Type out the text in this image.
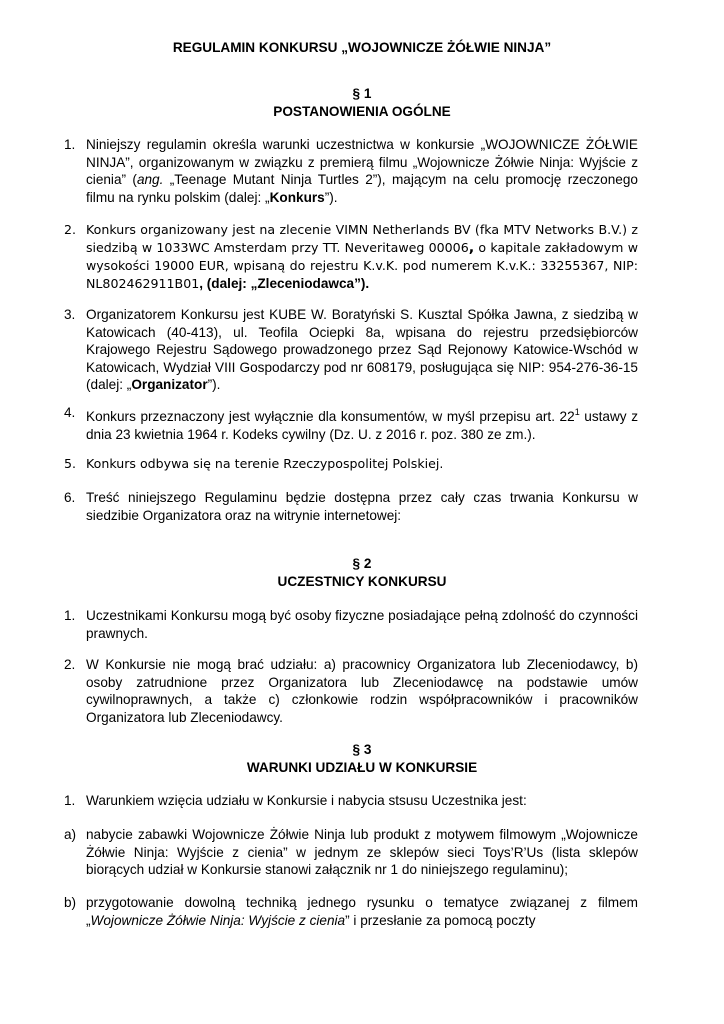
REGULAMIN KONKURSU „WOJOWNICZE ŻÓŁWIE NINJA”
§ 1
POSTANOWIENIA OGÓLNE
1. Niniejszy regulamin określa warunki uczestnictwa w konkursie „WOJOWNICZE ŻÓŁWIE NINJA”, organizowanym w związku z premierą filmu „Wojownicze Żółwie Ninja: Wyjście z cienia” (ang. „Teenage Mutant Ninja Turtles 2”), mającym na celu promocję rzeczonego filmu na rynku polskim (dalej: „Konkurs”).
2. Konkurs organizowany jest na zlecenie VIMN Netherlands BV (fka MTV Networks B.V.) z siedzibą w 1033WC Amsterdam przy TT. Neveritaweg 00006, o kapitale zakładowym w wysokości 19000 EUR, wpisaną do rejestru K.v.K. pod numerem K.v.K.: 33255367, NIP: NL802462911B01, (dalej: „Zleceniodawca”).
3. Organizatorem Konkursu jest KUBE W. Boratyński S. Kusztal Spółka Jawna, z siedzibą w Katowicach (40-413), ul. Teofila Ociepki 8a, wpisana do rejestru przedsiębiorców Krajowego Rejestru Sądowego prowadzonego przez Sąd Rejonowy Katowice-Wschód w Katowicach, Wydział VIII Gospodarczy pod nr 608179, posługująca się NIP: 954-276-36-15 (dalej: „Organizator”).
4. Konkurs przeznaczony jest wyłącznie dla konsumentów, w myśl przepisu art. $22^1$ ustawy z dnia 23 kwietnia 1964 r. Kodeks cywilny (Dz. U. z 2016 r. poz. 380 ze zm.).
5. Konkurs odbywa się na terenie Rzeczypospolitej Polskiej.
6. Treść niniejszego Regulaminu będzie dostępna przez cały czas trwania Konkursu w siedzibie Organizatora oraz na witrynie internetowej:
§ 2
UCZESTNICY KONKURSU
1. Uczestnikami Konkursu mogą być osoby fizyczne posiadające pełną zdolność do czynności prawnych.
2. W Konkursie nie mogą brać udziału: a) pracownicy Organizatora lub Zleceniodawcy, b) osoby zatrudnione przez Organizatora lub Zleceniodawcę na podstawie umów cywilnoprawnych, a także c) członkowie rodzin współpracowników i pracowników Organizatora lub Zleceniodawcy.
§ 3
WARUNKI UDZIAŁU W KONKURSIE
1. Warunkiem wzięcia udziału w Konkursie i nabycia stsusu Uczestnika jest:
a) nabycie zabawki Wojownicze Żółwie Ninja lub produkt z motywem filmowym „Wojownicze Żółwie Ninja: Wyjście z cienia” w jednym ze sklepów sieci Toys’R’Us (lista sklepów biorących udział w Konkursie stanowi załącznik nr 1 do niniejszego regulaminu);
b) przygotowanie dowolną techniką jednego rysunku o tematyce związanej z filmem „Wojownicze Żółwie Ninja: Wyjście z cienia” i przesłanie za pomocą poczty
